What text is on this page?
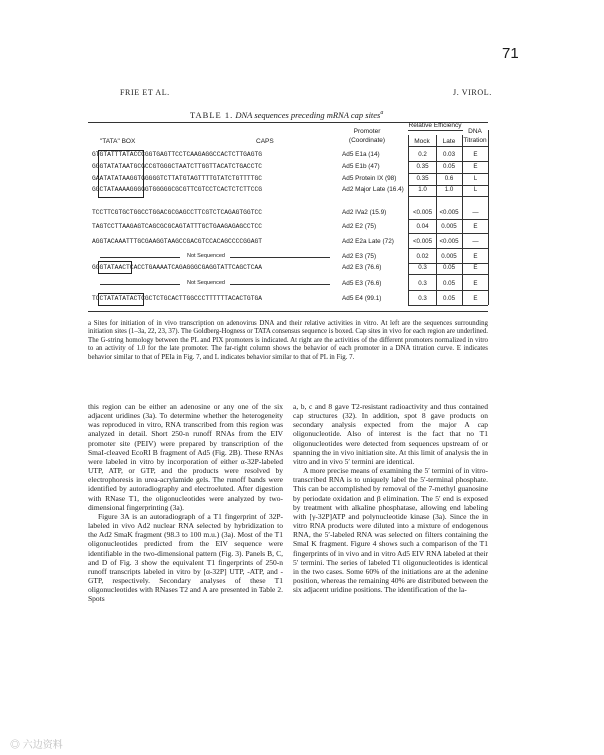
71
FRIE ET AL.	J. VIROL.
TABLE 1. DNA sequences preceding mRNA cap sites$^a$
"TATA" BOX	CAPS
Promoter
(Coordinate)
Relative Efficiency
Mock	Late
DNA
Titration
GTGTATTTATACCCGGTGAGTTCCTCAAGAGGCCACTCTTGAGTG	Ad5 E1a (14)	0.2	0.03	E
GGGTATATAATGCGCCGTGGGCTAATCTTGGTTACATCTGACCTC	Ad5 E1b (47)	0.35	0.05	E
GAATATATAAGGTGGGGGTCTTATGTAGTTTTGTATCTGTTTTGC	Ad5 Protein IX (98)	0.35	0.6	L
GGCTATAAAAGGGGGTGGGGGCGCGTTCGTCCTCACTCTCTTCCG	Ad2 Major Late (16.4)	1.0	1.0	L
TCCTTCGTGCTGGCCTGGACGCGAGCCTTCGTCTCAGAGTGGTCC	Ad2 IVa2 (15.9)	<0.005	<0.005	—
TAGTCCTTAAGAGTCAGCGCGCAGTATTTGCTGAAGAGAGCCTCC	Ad2 E2 (75)	0.04	0.005	E
AGGTACAAATTTGCGAAGGTAAGCCGACGTCCACAGCCCCGGAGT	Ad2 E2a Late (72)	<0.005	<0.005	—
Not Sequenced	Ad2 E3 (75)	0.02	0.005	E
GGGTATAACTCACCTGAAAATCAGAGGGCGAGGTATTCAGCTCAA	Ad2 E3 (76.6)	0.3	0.05	E
Not Sequenced	Ad5 E3 (76.6)	0.3	0.05	E
TCCTATATATACTCGCTCTGCACTTGGCCCTTTTTTACACTGTGA	Ad5 E4 (99.1)	0.3	0.05	E
a Sites for initiation of in vivo transcription on adenovirus DNA and their relative activities in vitro. At left are the sequences surrounding initiation sites (1–3a, 22, 23, 37). The Goldberg-Hogness or TATA consensus sequence is boxed. Cap sites in vivo for each region are underlined. The G-string homology between the PL and PIX promoters is indicated. At right are the activities of the different promoters normalized in vitro to an activity of 1.0 for the late promoter. The far-right column shows the behavior of each promoter in a DNA titration curve. E indicates behavior similar to that of PEIa in Fig. 7, and L indicates behavior similar to that of PL in Fig. 7.

this region can be either an adenosine or any one of the six adjacent uridines (3a). To determine whether the heterogeneity was reproduced in vitro, RNA transcribed from this region was analyzed in detail. Short 250-n runoff RNAs from the EIV promoter site (PEIV) were prepared by transcription of the SmaI-cleaved EcoRI B fragment of Ad5 (Fig. 2B). These RNAs were labeled in vitro by incorporation of either α-32P-labeled UTP, ATP, or GTP, and the products were resolved by electrophoresis in urea-acrylamide gels. The runoff bands were identified by autoradiography and electroeluted. After digestion with RNase T1, the oligonucleotides were analyzed by two-dimensional fingerprinting (3a).

Figure 3A is an autoradiograph of a T1 fingerprint of 32P-labeled in vivo Ad2 nuclear RNA selected by hybridization to the Ad2 SmaK fragment (98.3 to 100 m.u.) (3a). Most of the T1 oligonucleotides predicted from the EIV sequence were identifiable in the two-dimensional pattern (Fig. 3). Panels B, C, and D of Fig. 3 show the equivalent T1 fingerprints of 250-n runoff transcripts labeled in vitro by [α-32P] UTP, -ATP, and -GTP, respectively. Secondary analyses of these T1 oligonucleotides with RNases T2 and A are presented in Table 2. Spots

a, b, c and 8 gave T2-resistant radioactivity and thus contained cap structures (32). In addition, spot 8 gave products on secondary analysis expected from the major A cap oligonucleotide. Also of interest is the fact that no T1 oligonucleotides were detected from sequences upstream of or spanning the in vivo initiation site. At this limit of analysis the in vitro and in vivo 5′ termini are identical.

A more precise means of examining the 5′ termini of in vitro-transcribed RNA is to uniquely label the 5′-terminal phosphate. This can be accomplished by removal of the 7-methyl guanosine by periodate oxidation and β elimination. The 5′ end is exposed by treatment with alkaline phosphatase, allowing end labeling with [γ-32P]ATP and polynucleotide kinase (3a). Since the in vitro RNA products were diluted into a mixture of endogenous RNA, the 5′-labeled RNA was selected on filters containing the SmaI K fragment. Figure 4 shows such a comparison of the T1 fingerprints of in vivo and in vitro Ad5 EIV RNA labeled at their 5′ termini. The series of labeled T1 oligonucleotides is identical in the two cases. Some 60% of the initiations are at the adenine position, whereas the remaining 40% are distributed between the six adjacent uridine positions. The identification of the la-

◎ 六边资料
